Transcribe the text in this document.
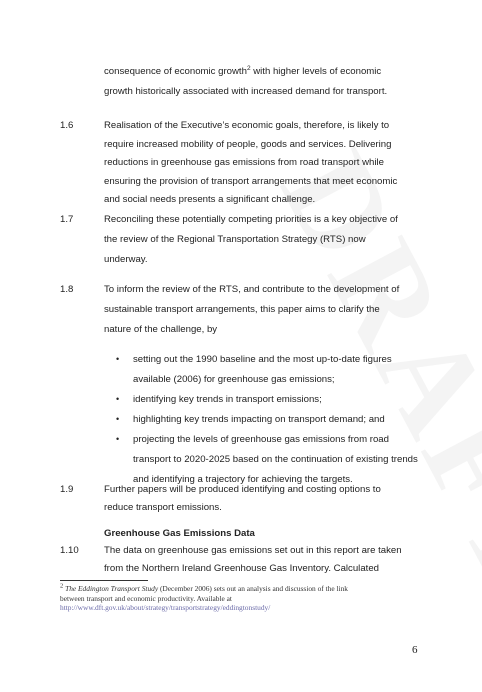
consequence of economic growth$^2$ with higher levels of economic
growth historically associated with increased demand for transport.
1.6	Realisation of the Executive’s economic goals, therefore, is likely to
require increased mobility of people, goods and services. Delivering
reductions in greenhouse gas emissions from road transport while
ensuring the provision of transport arrangements that meet economic
and social needs presents a significant challenge.
1.7	Reconciling these potentially competing priorities is a key objective of
the review of the Regional Transportation Strategy (RTS) now
underway.
1.8	To inform the review of the RTS, and contribute to the development of
sustainable transport arrangements, this paper aims to clarify the
nature of the challenge, by
• setting out the 1990 baseline and the most up-to-date figures
available (2006) for greenhouse gas emissions;
• identifying key trends in transport emissions;
• highlighting key trends impacting on transport demand; and
• projecting the levels of greenhouse gas emissions from road
transport to 2020-2025 based on the continuation of existing trends
and identifying a trajectory for achieving the targets.
1.9	Further papers will be produced identifying and costing options to
reduce transport emissions.
$^2$ The Eddington Transport Study (December 2006) sets out an analysis and discussion of the link
between transport and economic productivity. Available at
http://www.dft.gov.uk/about/strategy/transportstrategy/eddingtonstudy/
6
Greenhouse Gas Emissions Data
1.10	The data on greenhouse gas emissions set out in this report are taken
from the Northern Ireland Greenhouse Gas Inventory. Calculated
